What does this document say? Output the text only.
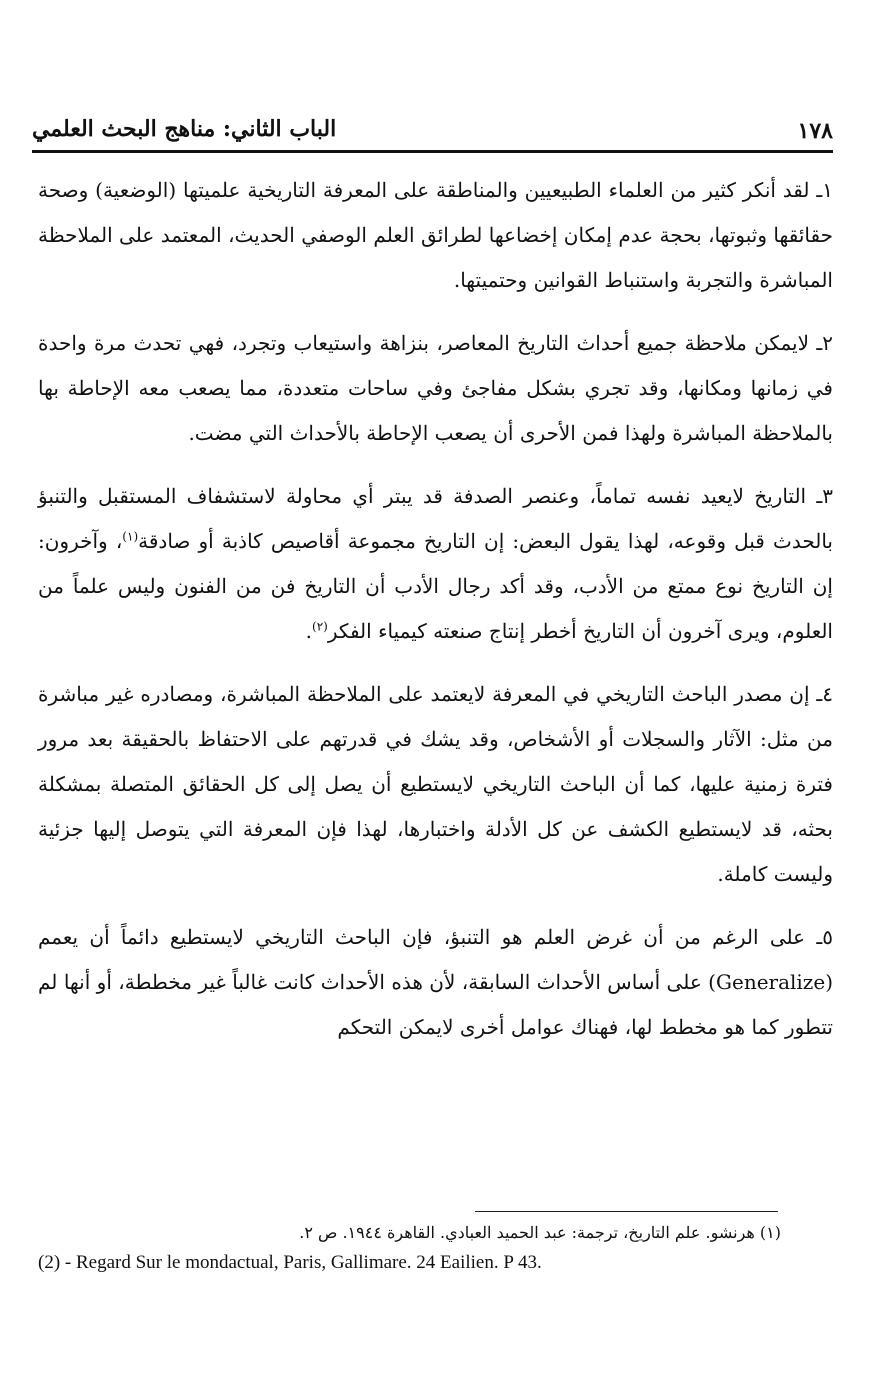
١٧٨
الباب الثاني: مناهج البحث العلمي

١ـ لقد أنكر كثير من العلماء الطبيعيين والمناطقة على المعرفة التاريخية علميتها (الوضعية) وصحة حقائقها وثبوتها، بحجة عدم إمكان إخضاعها لطرائق العلم الوصفي الحديث، المعتمد على الملاحظة المباشرة والتجربة واستنباط القوانين وحتميتها.

٢ـ لايمكن ملاحظة جميع أحداث التاريخ المعاصر، بنزاهة واستيعاب وتجرد، فهي تحدث مرة واحدة في زمانها ومكانها، وقد تجري بشكل مفاجئ وفي ساحات متعددة، مما يصعب معه الإحاطة بها بالملاحظة المباشرة ولهذا فمن الأحرى أن يصعب الإحاطة بالأحداث التي مضت.

٣ـ التاريخ لايعيد نفسه تماماً، وعنصر الصدفة قد يبتر أي محاولة لاستشفاف المستقبل والتنبؤ بالحدث قبل وقوعه، لهذا يقول البعض: إن التاريخ مجموعة أقاصيص كاذبة أو صادقة$^{(١)}$، وآخرون: إن التاريخ نوع ممتع من الأدب، وقد أكد رجال الأدب أن التاريخ فن من الفنون وليس علماً من العلوم، ويرى آخرون أن التاريخ أخطر إنتاج صنعته كيمياء الفكر$^{(٢)}$.

٤ـ إن مصدر الباحث التاريخي في المعرفة لايعتمد على الملاحظة المباشرة، ومصادره غير مباشرة من مثل: الآثار والسجلات أو الأشخاص، وقد يشك في قدرتهم على الاحتفاظ بالحقيقة بعد مرور فترة زمنية عليها، كما أن الباحث التاريخي لايستطيع أن يصل إلى كل الحقائق المتصلة بمشكلة بحثه، قد لايستطيع الكشف عن كل الأدلة واختبارها، لهذا فإن المعرفة التي يتوصل إليها جزئية وليست كاملة.

٥ـ على الرغم من أن غرض العلم هو التنبؤ، فإن الباحث التاريخي لايستطيع دائماً أن يعمم (Generalize) على أساس الأحداث السابقة، لأن هذه الأحداث كانت غالباً غير مخططة، أو أنها لم تتطور كما هو مخطط لها، فهناك عوامل أخرى لايمكن التحكم

(١) هرنشو. علم التاريخ، ترجمة: عبد الحميد العبادي. القاهرة ١٩٤٤. ص ٢.
(2) - Regard Sur le mondactual, Paris, Gallimare. 24 Eailien. P 43.
